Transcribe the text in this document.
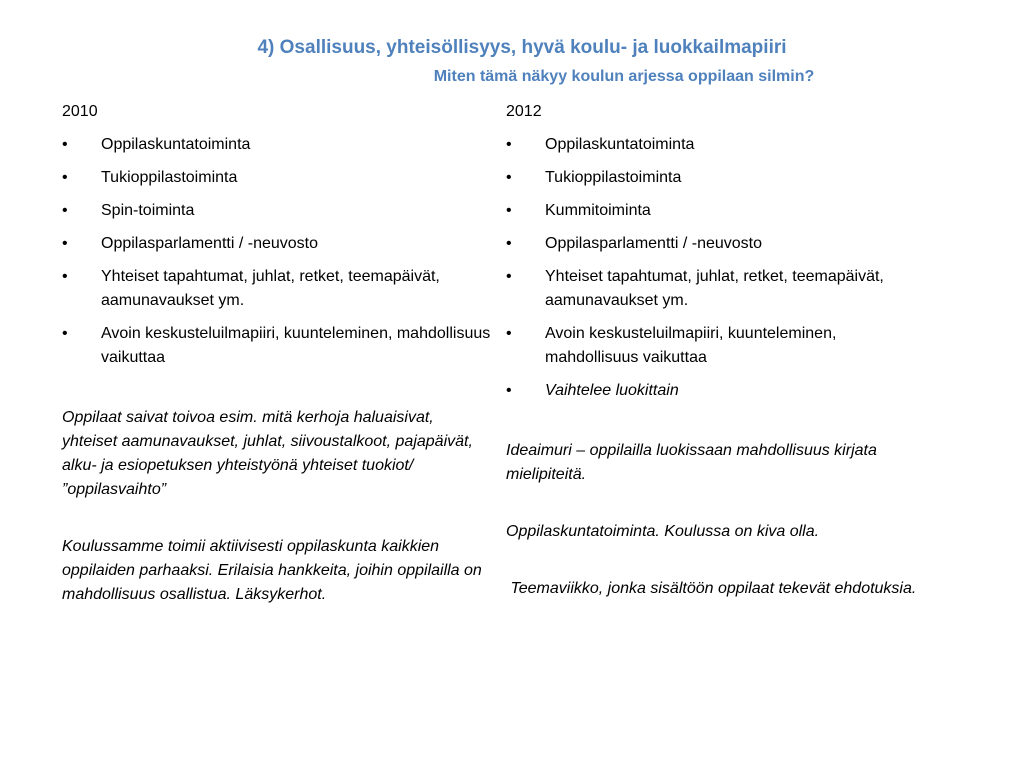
4) Osallisuus, yhteisöllisyys, hyvä koulu- ja luokkailmapiiri
Miten tämä näkyy koulun arjessa oppilaan silmin?
2010
• Oppilaskuntatoiminta
• Tukioppilastoiminta
• Spin-toiminta
• Oppilasparlamentti / -neuvosto
• Yhteiset tapahtumat, juhlat, retket, teemapäivät, aamunavaukset ym.
• Avoin keskusteluilmapiiri, kuunteleminen, mahdollisuus vaikuttaa

Oppilaat saivat toivoa esim. mitä kerhoja haluaisivat, yhteiset aamunavaukset, juhlat, siivoustalkoot, pajapäivät, alku- ja esiopetuksen yhteistyönä yhteiset tuokiot/ ”oppilasvaihto”

Koulussamme toimii aktiivisesti oppilaskunta kaikkien oppilaiden parhaaksi. Erilaisia hankkeita, joihin oppilailla on mahdollisuus osallistua. Läksykerhot.

2012
• Oppilaskuntatoiminta
• Tukioppilastoiminta
• Kummitoiminta
• Oppilasparlamentti / -neuvosto
• Yhteiset tapahtumat, juhlat, retket, teemapäivät, aamunavaukset ym.
• Avoin keskusteluilmapiiri, kuunteleminen, mahdollisuus vaikuttaa
• Vaihtelee luokittain

Ideaimuri – oppilailla luokissaan mahdollisuus kirjata mielipiteitä.

Oppilaskuntatoiminta. Koulussa on kiva olla.

Teemaviikko, jonka sisältöön oppilaat tekevät ehdotuksia.
